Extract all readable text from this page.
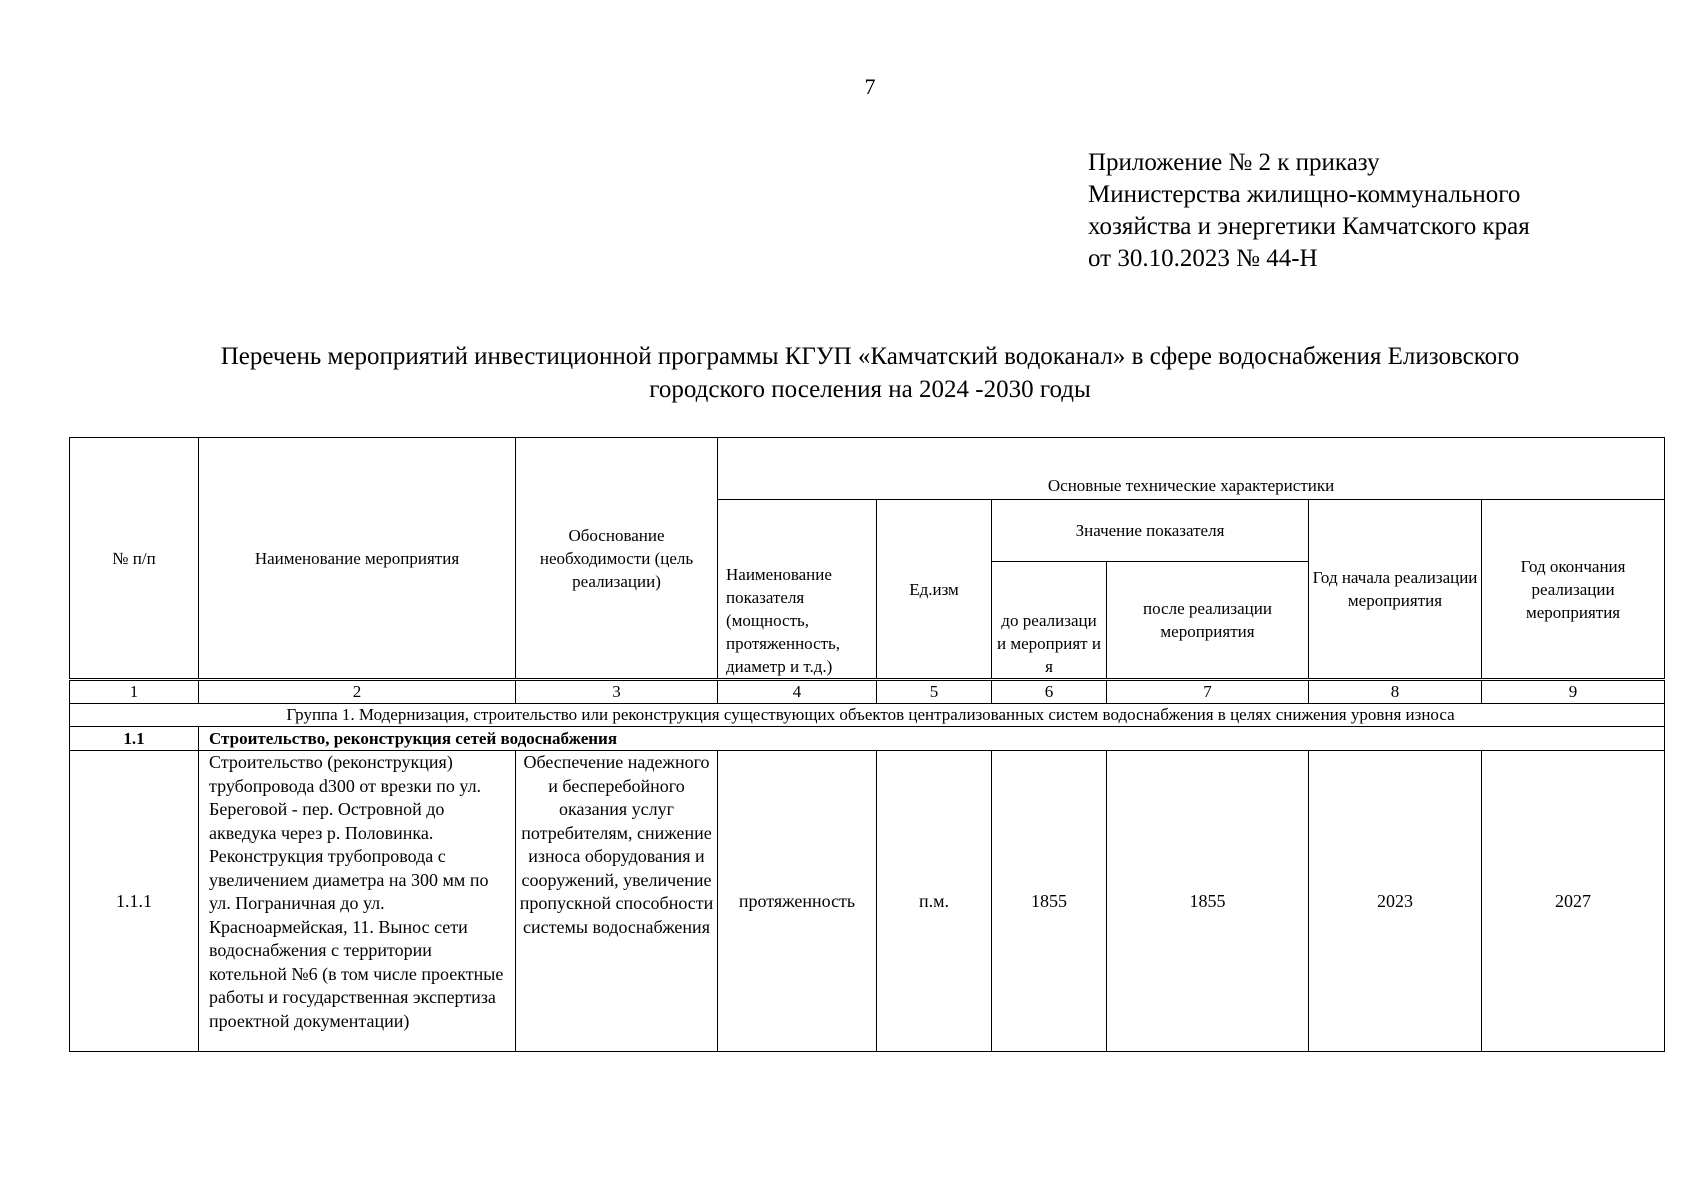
7
Приложение № 2 к приказу
Министерства жилищно-коммунального
хозяйства и энергетики Камчатского края
от 30.10.2023 № 44-Н
Перечень мероприятий инвестиционной программы КГУП «Камчатский водоканал» в сфере водоснабжения Елизовского
городского поселения на 2024 -2030 годы
№ п/п	Наименование мероприятия	Обоснование необходимости (цель реализации)	Основные технические характеристики					
			Наименование показателя (мощность, протяженность, диаметр и т.д.)	Ед.изм	Значение показателя		Год начала реализации мероприятия	Год окончания реализации мероприятия
					до реализаци и мероприят ия	после реализации мероприятия		
1	2	3	4	5	6	7	8	9
Группа 1. Модернизация, строительство или реконструкция существующих объектов централизованных систем водоснабжения в целях снижения уровня износа								
1.1	Строительство, реконструкция сетей водоснабжения							
1.1.1	Строительство (реконструкция) трубопровода d300 от врезки по ул. Береговой - пер. Островной до акведука через р. Половинка. Реконструкция трубопровода с увеличением диаметра на 300 мм по ул. Пограничная до ул. Красноармейская, 11. Вынос сети водоснабжения с территории котельной №6 (в том числе проектные работы и государственная экспертиза проектной документации)	Обеспечение надежного и бесперебойного оказания услуг потребителям, снижение износа оборудования и сооружений, увеличение пропускной способности системы водоснабжения	протяженность	п.м.	1855	1855	2023	2027
